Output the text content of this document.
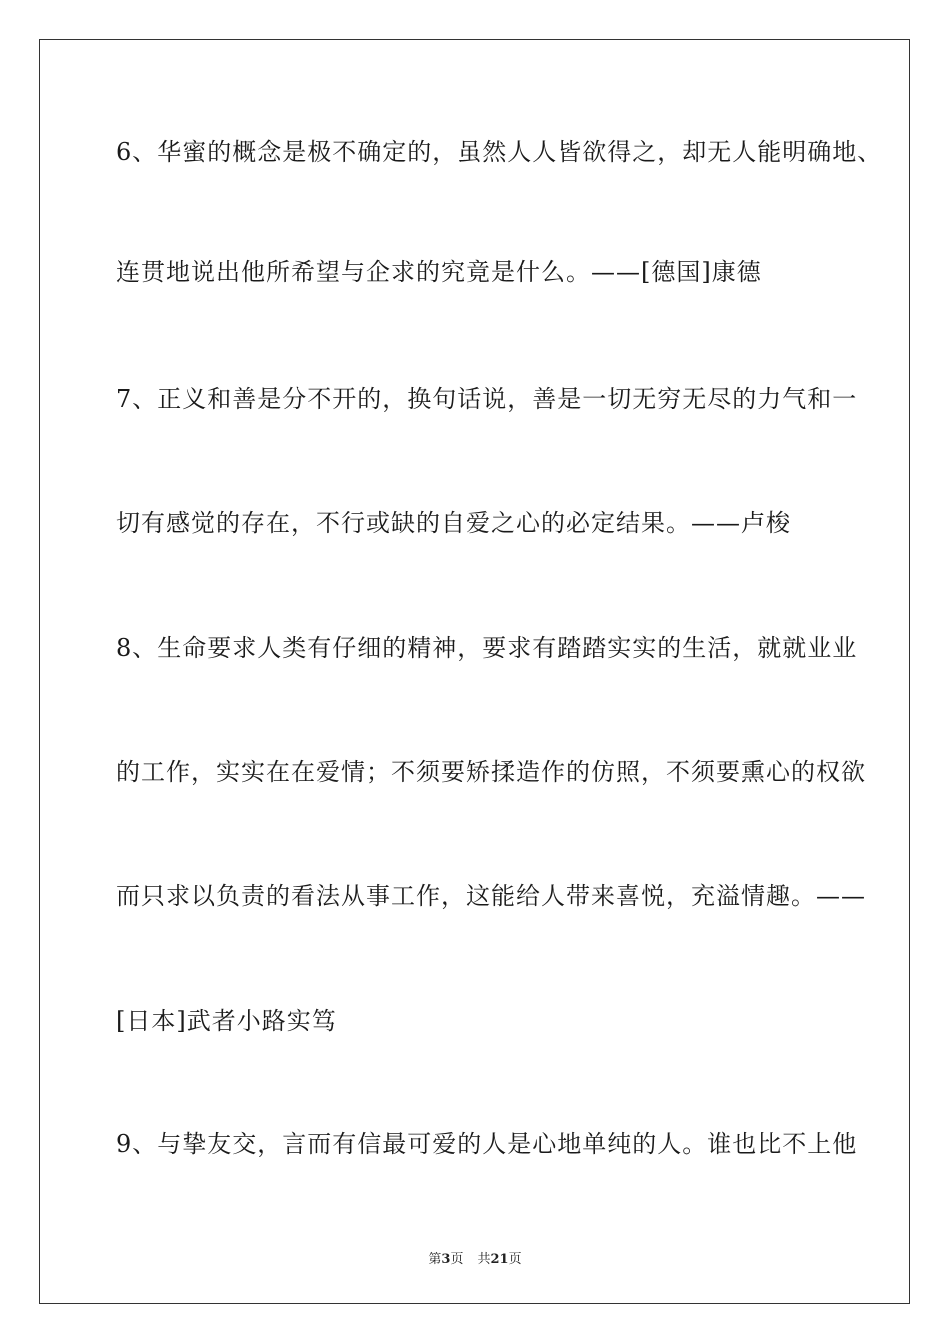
6、华蜜的概念是极不确定的，虽然人人皆欲得之，却无人能明确地、
连贯地说出他所希望与企求的究竟是什么。——[德国]康德
7、正义和善是分不开的，换句话说，善是一切无穷无尽的力气和一
切有感觉的存在，不行或缺的自爱之心的必定结果。——卢梭
8、生命要求人类有仔细的精神，要求有踏踏实实的生活，就就业业
的工作，实实在在爱情；不须要矫揉造作的仿照，不须要熏心的权欲
而只求以负责的看法从事工作，这能给人带来喜悦，充溢情趣。——
[日本]武者小路实笃
9、与挚友交，言而有信最可爱的人是心地单纯的人。谁也比不上他
第3页 共21页
